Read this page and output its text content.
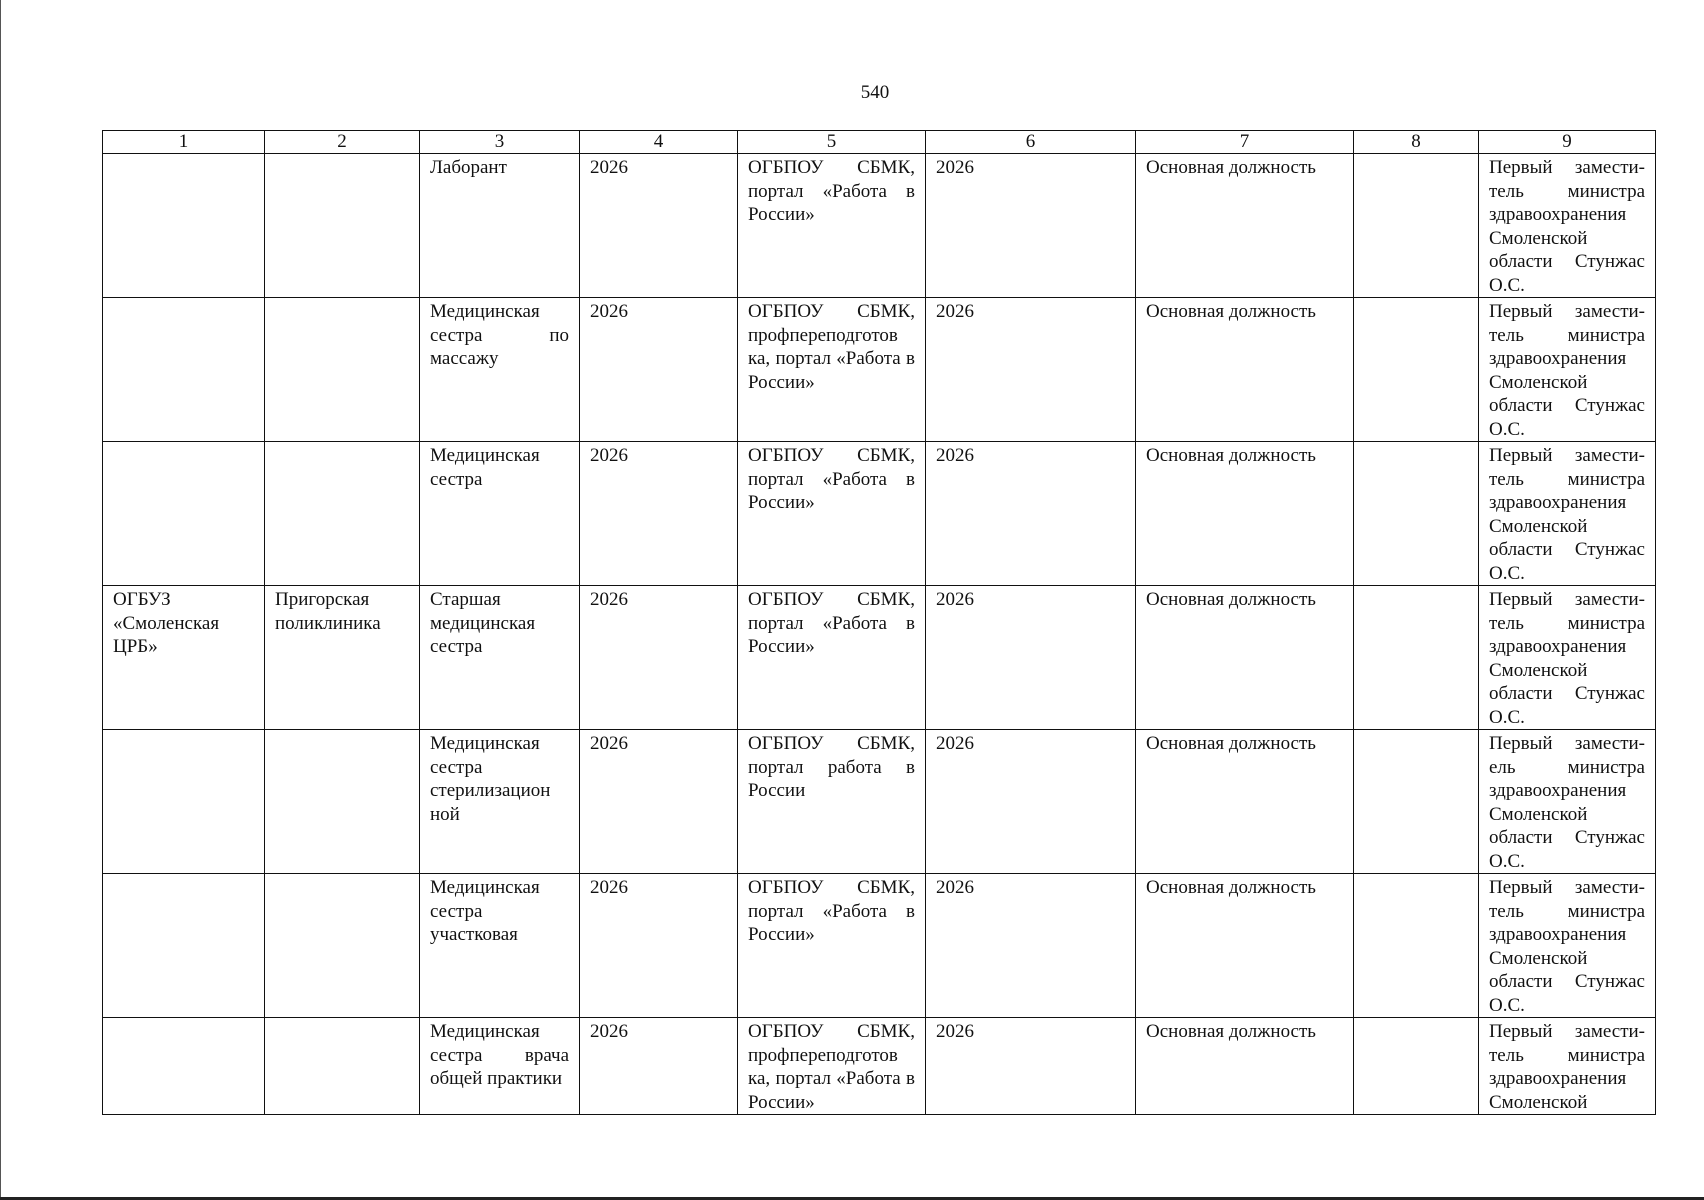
540
1	2	3	4	5	6	7	8	9
		Лаборант	2026	ОГБПОУ СБМК, портал «Работа в России»	2026	Основная должность		Первый замести-тель министра здравоохранения Смоленской области Стунжас О.С.
		Медицинская сестра по массажу	2026	ОГБПОУ СБМК, профпереподготов ка, портал «Работа в России»	2026	Основная должность		Первый замести-тель министра здравоохранения Смоленской области Стунжас О.С.
		Медицинская сестра	2026	ОГБПОУ СБМК, портал «Работа в России»	2026	Основная должность		Первый замести-тель министра здравоохранения Смоленской области Стунжас О.С.
ОГБУЗ «Смоленская ЦРБ»	Пригорская поликлиника	Старшая медицинская сестра	2026	ОГБПОУ СБМК, портал «Работа в России»	2026	Основная должность		Первый замести-тель министра здравоохранения Смоленской области Стунжас О.С.
		Медицинская сестра стерилизацион ной	2026	ОГБПОУ СБМК, портал работа в России	2026	Основная должность		Первый замести-ель министра здравоохранения Смоленской области Стунжас О.С.
		Медицинская сестра участковая	2026	ОГБПОУ СБМК, портал «Работа в России»	2026	Основная должность		Первый замести-тель министра здравоохранения Смоленской области Стунжас О.С.
		Медицинская сестра врача общей практики	2026	ОГБПОУ СБМК, профпереподготов ка, портал «Работа в России»	2026	Основная должность		Первый замести-тель министра здравоохранения Смоленской
